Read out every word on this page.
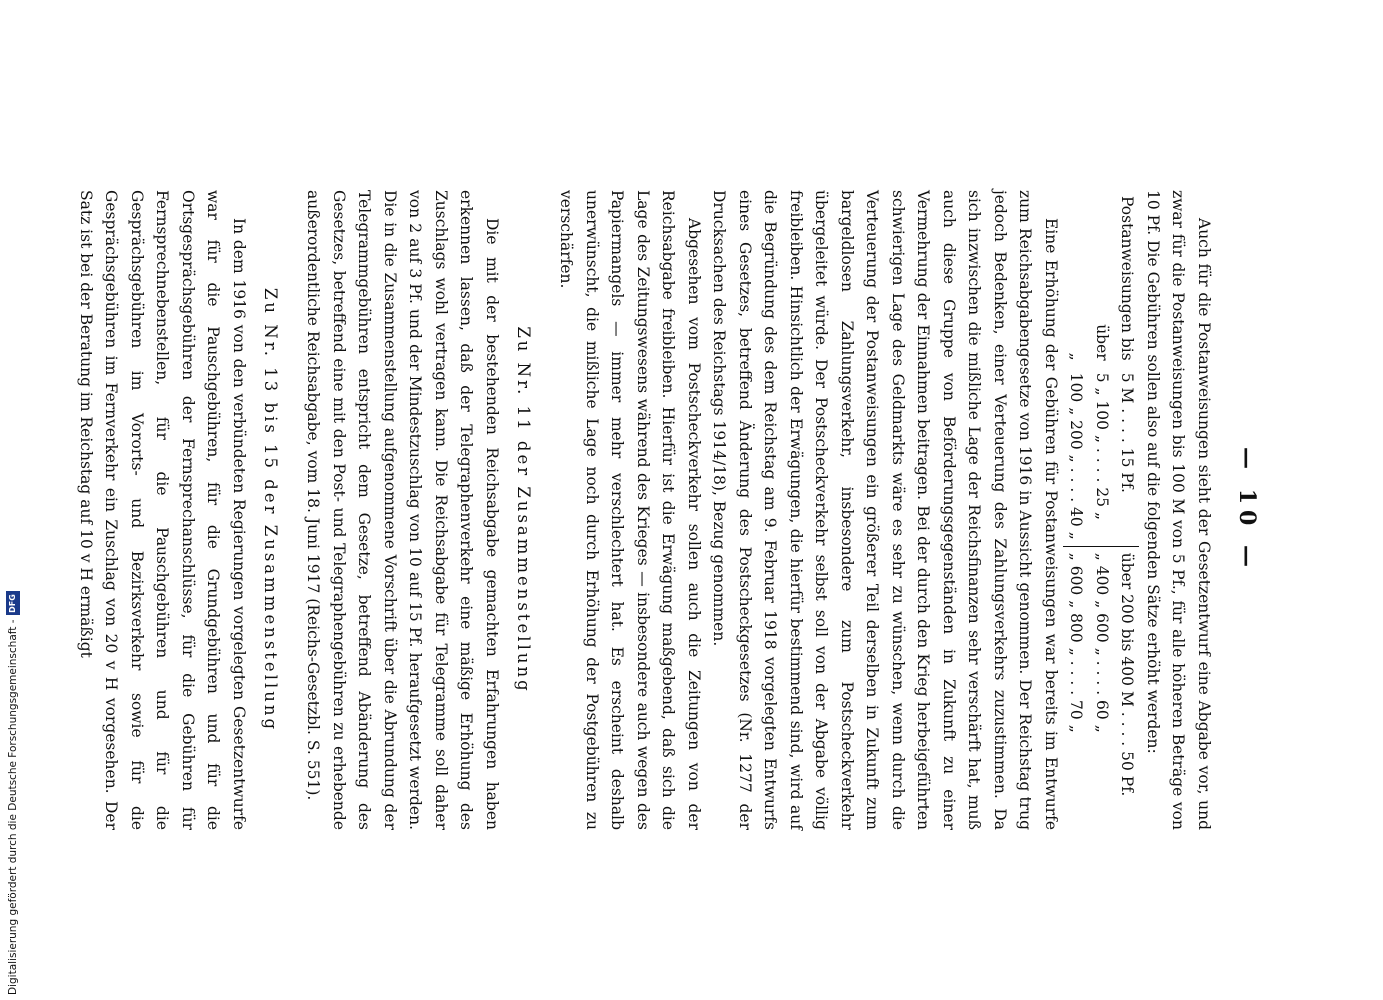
— 10 —

Auch für die Postanweisungen sieht der Gesetzentwurf eine Abgabe vor, und zwar für die Postanweisungen bis 100 M von 5 Pf., für alle höheren Beträge von 10 Pf. Die Gebühren sollen also auf die folgenden Sätze erhöht werden:

Postanweisungen bis	5 M . . . . 15 Pf.	über 200 bis 400 M . . . . 50 Pf.
über	5 „ 100 „ . . . . 25 „	„ 400 „ 600 „ . . . . 60 „
„	100 „ 200 „ . . . . 40 „	„ 600 „ 800 „ . . . . 70 „

Eine Erhöhung der Gebühren für Postanweisungen war bereits im Entwurfe zum Reichsabgabengesetze von 1916 in Aussicht genommen. Der Reichstag trug jedoch Bedenken, einer Verteuerung des Zahlungsverkehrs zuzustimmen. Da sich inzwischen die mißliche Lage der Reichsfinanzen sehr verschärft hat, muß auch diese Gruppe von Beförderungsgegenständen in Zukunft zu einer Vermehrung der Einnahmen beitragen. Bei der durch den Krieg herbeigeführten schwierigen Lage des Geldmarkts wäre es sehr zu wünschen, wenn durch die Verteuerung der Postanweisungen ein größerer Teil derselben in Zukunft zum bargeldlosen Zahlungsverkehr, insbesondere zum Postscheckverkehr übergeleitet würde. Der Postscheckverkehr selbst soll von der Abgabe völlig freibleiben. Hinsichtlich der Erwägungen, die hierfür bestimmend sind, wird auf die Begründung des dem Reichstag am 9. Februar 1918 vorgelegten Entwurfs eines Gesetzes, betreffend Änderung des Postscheckgesetzes (Nr. 1277 der Drucksachen des Reichstags 1914/18), Bezug genommen.

Abgesehen vom Postscheckverkehr sollen auch die Zeitungen von der Reichsabgabe freibleiben. Hierfür ist die Erwägung maßgebend, daß sich die Lage des Zeitungswesens während des Krieges — insbesondere auch wegen des Papiermangels — immer mehr verschlechtert hat. Es erscheint deshalb unerwünscht, die mißliche Lage noch durch Erhöhung der Postgebühren zu verschärfen.

Zu Nr. 11 der Zusammenstellung

Die mit der bestehenden Reichsabgabe gemachten Erfahrungen haben erkennen lassen, daß der Telegraphenverkehr eine mäßige Erhöhung des Zuschlags wohl vertragen kann. Die Reichsabgabe für Telegramme soll daher von 2 auf 3 Pf. und der Mindestzuschlag von 10 auf 15 Pf. heraufgesetzt werden. Die in die Zusammenstellung aufgenommene Vorschrift über die Abrundung der Telegrammgebühren entspricht dem Gesetze, betreffend Abänderung des Gesetzes, betreffend eine mit den Post- und Telegraphengebühren zu erhebende außerordentliche Reichsabgabe, vom 18. Juni 1917 (Reichs-Gesetzbl. S. 551).

Zu Nr. 13 bis 15 der Zusammenstellung

In dem 1916 von den verbündeten Regierungen vorgelegten Gesetzentwurfe war für die Pauschgebühren, für die Grundgebühren und für die Ortsgesprächsgebühren der Fernsprechanschlüsse, für die Gebühren für Fernsprechnebenstellen, für die Pauschgebühren und für die Gesprächsgebühren im Vororts- und Bezirksverkehr sowie für die Gesprächsgebühren im Fernverkehr ein Zuschlag von 20 v H vorgesehen. Der Satz ist bei der Beratung im Reichstag auf 10 v H ermäßigt

Digitalisierung gefördert durch die Deutsche Forschungsgemeinschaft -
DFG
